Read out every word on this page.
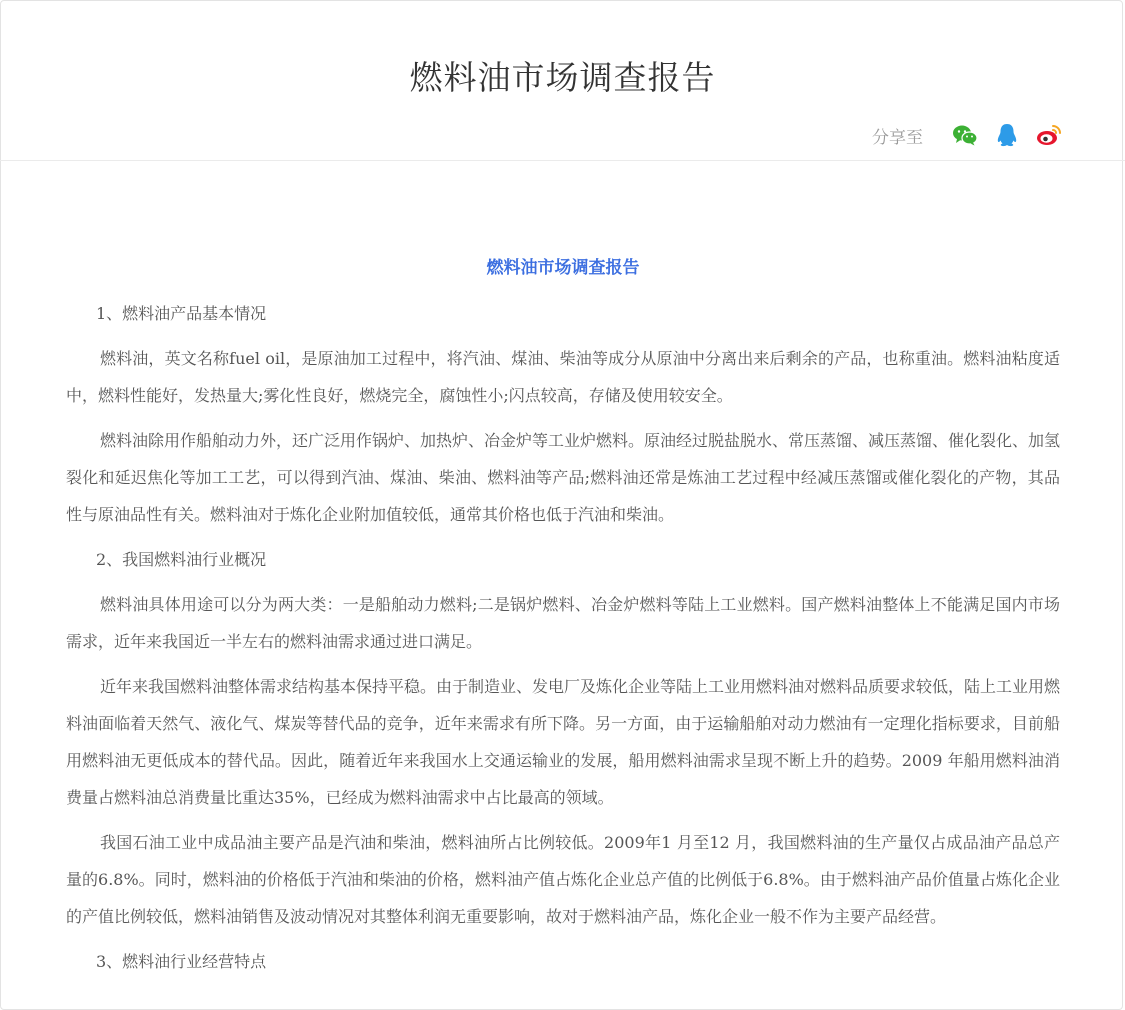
燃料油市场调查报告
分享至
燃料油市场调查报告

1、燃料油产品基本情况

燃料油，英文名称fuel oil，是原油加工过程中，将汽油、煤油、柴油等成分从原油中分离出来后剩余的产品，也称重油。燃料油粘度适中，燃料性能好，发热量大;雾化性良好，燃烧完全，腐蚀性小;闪点较高，存储及使用较安全。

燃料油除用作船舶动力外，还广泛用作锅炉、加热炉、冶金炉等工业炉燃料。原油经过脱盐脱水、常压蒸馏、减压蒸馏、催化裂化、加氢裂化和延迟焦化等加工工艺，可以得到汽油、煤油、柴油、燃料油等产品;燃料油还常是炼油工艺过程中经减压蒸馏或催化裂化的产物，其品性与原油品性有关。燃料油对于炼化企业附加值较低，通常其价格也低于汽油和柴油。

2、我国燃料油行业概况

燃料油具体用途可以分为两大类：一是船舶动力燃料;二是锅炉燃料、冶金炉燃料等陆上工业燃料。国产燃料油整体上不能满足国内市场需求，近年来我国近一半左右的燃料油需求通过进口满足。

近年来我国燃料油整体需求结构基本保持平稳。由于制造业、发电厂及炼化企业等陆上工业用燃料油对燃料品质要求较低，陆上工业用燃料油面临着天然气、液化气、煤炭等替代品的竞争，近年来需求有所下降。另一方面，由于运输船舶对动力燃油有一定理化指标要求，目前船用燃料油无更低成本的替代品。因此，随着近年来我国水上交通运输业的发展，船用燃料油需求呈现不断上升的趋势。2009 年船用燃料油消费量占燃料油总消费量比重达35%，已经成为燃料油需求中占比最高的领域。

我国石油工业中成品油主要产品是汽油和柴油，燃料油所占比例较低。2009年1 月至12 月，我国燃料油的生产量仅占成品油产品总产量的6.8%。同时，燃料油的价格低于汽油和柴油的价格，燃料油产值占炼化企业总产值的比例低于6.8%。由于燃料油产品价值量占炼化企业的产值比例较低，燃料油销售及波动情况对其整体利润无重要影响，故对于燃料油产品，炼化企业一般不作为主要产品经营。

3、燃料油行业经营特点
